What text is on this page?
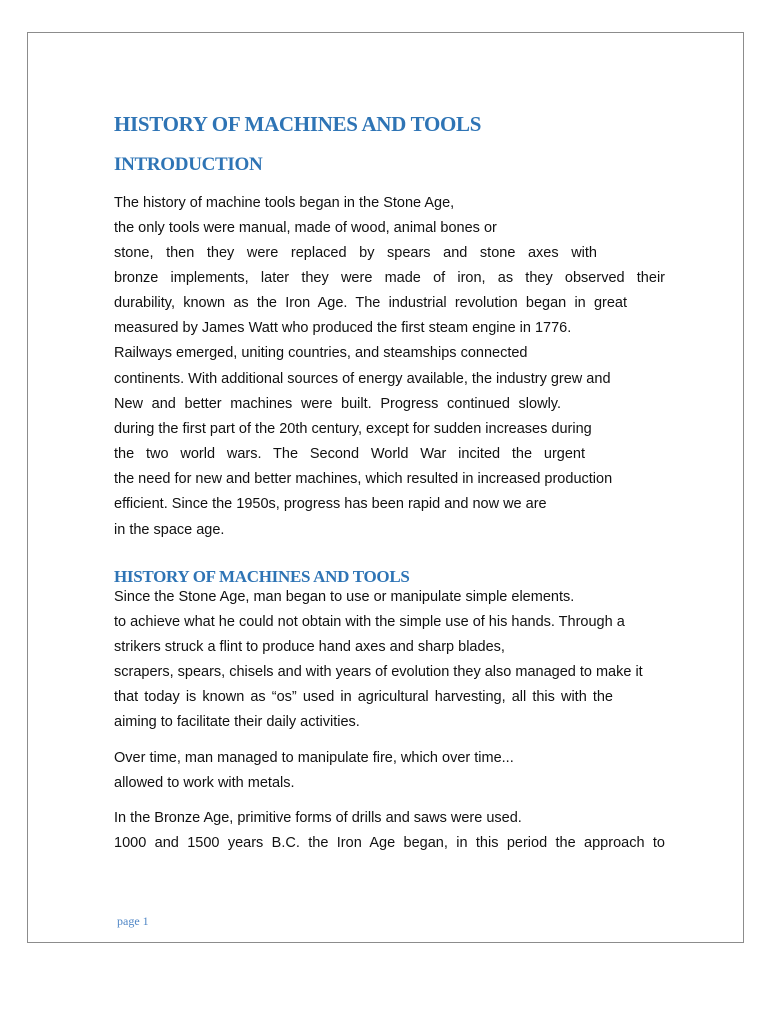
HISTORY OF MACHINES AND TOOLS
INTRODUCTION

The history of machine tools began in the Stone Age,

the only tools were manual, made of wood, animal bones or

stone, then they were replaced by spears and stone axes with

bronze implements, later they were made of iron, as they observed their

durability, known as the Iron Age. The industrial revolution began in great

measured by James Watt who produced the first steam engine in 1776.

Railways emerged, uniting countries, and steamships connected

continents. With additional sources of energy available, the industry grew and

New and better machines were built. Progress continued slowly.

during the first part of the 20th century, except for sudden increases during

the two world wars. The Second World War incited the urgent

the need for new and better machines, which resulted in increased production

efficient. Since the 1950s, progress has been rapid and now we are

in the space age.

HISTORY OF MACHINES AND TOOLS

Since the Stone Age, man began to use or manipulate simple elements.

to achieve what he could not obtain with the simple use of his hands. Through a

strikers struck a flint to produce hand axes and sharp blades,

scrapers, spears, chisels and with years of evolution they also managed to make it

that today is known as “os” used in agricultural harvesting, all this with the

aiming to facilitate their daily activities.

Over time, man managed to manipulate fire, which over time...

allowed to work with metals.

In the Bronze Age, primitive forms of drills and saws were used.

1000 and 1500 years B.C. the Iron Age began, in this period the approach to

page 1
